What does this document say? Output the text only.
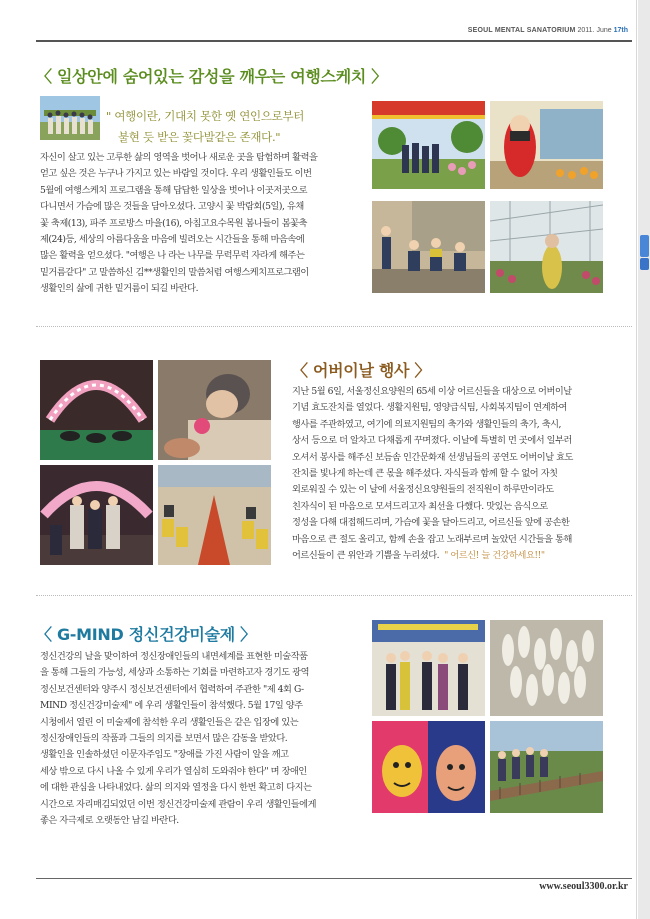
SEOUL MENTAL SANATORIUM 2011. June 17th
〈 일상안에 숨어있는 감성을 깨우는 여행스케치 〉
" 여행이란, 기대치 못한 옛 연인으로부터
불현 듯 받은 꽃다발같은 존재다."

자신이 살고 있는 고루한 삶의 영역을 벗어나 새로운 곳을 탐험하며 활력을

얻고 싶은 것은 누구나 가지고 있는 바람일 것이다. 우리 생활인들도 이번

5월에 여행스케치 프로그램을 통해 답답한 일상을 벗어나 이곳저곳으로

다니면서 가슴에 많은 것들을 담아오셨다. 고양시 꽃 박람회(5일), 유채

꽃 축제(13), 파주 프로방스 마을(16), 아침고요수목원 봄나들이 봄꽃축

제(24)등, 세상의 아름다움을 마음에 빌려오는 시간들을 통해 마음속에

많은 활력을 얻으셨다. "여행은 나 라는 나무를 무럭무럭 자라게 해주는

밑거름같다" 고 말씀하신 김**생활인의 말씀처럼 여행스케치프로그램이

생활인의 삶에 귀한 밑거름이 되길 바란다.

〈 어버이날 행사 〉

지난 5월 6일, 서울정신요양원의 65세 이상 어르신들을 대상으로 어버이날

기념 효도잔치를 열었다. 생활지원팀, 영양급식팀, 사회복지팀이 연계하여

행사를 주관하였고, 여기에 의료지원팀의 축가와 생활인들의 축가, 축시,

상서 등으로 더 알차고 다채롭게 꾸며졌다. 이날에 특별히 먼 곳에서 일부러

오셔서 봉사를 해주신 보듬솜 인간문화재 선생님들의 공연도 어버이날 효도

잔치를 빛나게 하는데 큰 몫을 해주셨다. 자식들과 함께 할 수 없어 자칫

외로워질 수 있는 이 날에 서울정신요양원들의 전직원이 하루만이라도

친자식이 된 마음으로 모셔드리고자 최선을 다했다. 맛있는 음식으로

정성을 다해 대접해드리며, 가슴에 꽃을 달아드리고, 어르신들 앞에 공손한

마음으로 큰 절도 올리고, 함께 손을 잡고 노래부르며 놀았던 시간들을 통해

어르신들이 큰 위안과 기쁨을 누리셨다. " 어르신! 늘 건강하세요!!"

〈 G-MIND 정신건강미술제 〉

정신건강의 날을 맞이하여 정신장애인들의 내면세계를 표현한 미술작품

을 통해 그들의 가능성, 세상과 소통하는 기회를 마련하고자 경기도 광역

정신보건센터와 양주시 정신보건센터에서 협력하여 주관한 "제 4회 G-

MIND 정신건강미술제" 에 우리 생활인들이 참석했다. 5월 17일 양주

시청에서 열린 이 미술제에 참석한 우리 생활인들은 같은 입장에 있는

정신장애인들의 작품과 그들의 의지를 보면서 많은 감동을 받았다.

생활인을 인솔하셨던 이문자주임도 "장애를 가진 사람이 알을 깨고

세상 밖으로 다시 나올 수 있게 우리가 열심히 도와줘야 한다" 며 장애인

에 대한 관심을 나타내었다. 삶의 의지와 열정을 다시 한번 확고히 다지는

시간으로 자리매김되었던 이번 정신건강미술제 관람이 우리 생활인들에게

좋은 자극제로 오랫동안 남길 바란다.

www.seoul3300.or.kr
